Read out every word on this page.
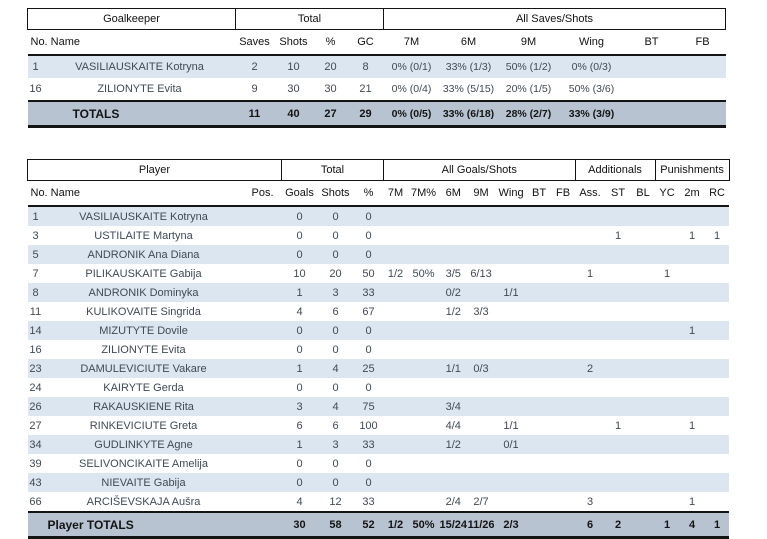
Goalkeeper		Total				All Saves/Shots					
No. Name		Saves	Shots	%	GC	7M	6M	9M	Wing	BT	FB
1	VASILIAUSKAITE Kotryna	2	10	20	8	0% (0/1)	33% (1/3)	50% (1/2)	0% (0/3)		
16	ZILIONYTE Evita	9	30	30	21	0% (0/4)	33% (5/15)	20% (1/5)	50% (3/6)		
TOTALS		11	40	27	29	0% (0/5)	33% (6/18)	28% (2/7)	33% (3/9)		
Player			Total			All Goals/Shots							Additionals			Punishments		
No. Name		Pos.	Goals	Shots	%	7M	7M%	6M	9M	Wing	BT	FB	Ass.	ST	BL	YC	2m	RC
1	VASILIAUSKAITE Kotryna		0	0	0													
3	USTILAITE Martyna		0	0	0									1			1	1
5	ANDRONIK Ana Diana		0	0	0													
7	PILIKAUSKAITE Gabija		10	20	50	1/2	50%	3/5	6/13				1			1		
8	ANDRONIK Dominyka		1	3	33			0/2		1/1								
11	KULIKOVAITE Singrida		4	6	67			1/2	3/3									
14	MIZUTYTE Dovile		0	0	0												1	
16	ZILIONYTE Evita		0	0	0													
23	DAMULEVICIUTE Vakare		1	4	25			1/1	0/3				2					
24	KAIRYTE Gerda		0	0	0													
26	RAKAUSKIENE Rita		3	4	75			3/4										
27	RINKEVICIUTE Greta		6	6	100			4/4		1/1				1			1	
34	GUDLINKYTE Agne		1	3	33			1/2		0/1								
39	SELIVONCIKAITE Amelija		0	0	0													
43	NIEVAITE Gabija		0	0	0													
66	ARCIŠEVSKAJA Aušra		4	12	33			2/4	2/7				3				1	
Player TOTALS			30	58	52	1/2	50%	15/24	11/26	2/3			6	2		1	4	1
